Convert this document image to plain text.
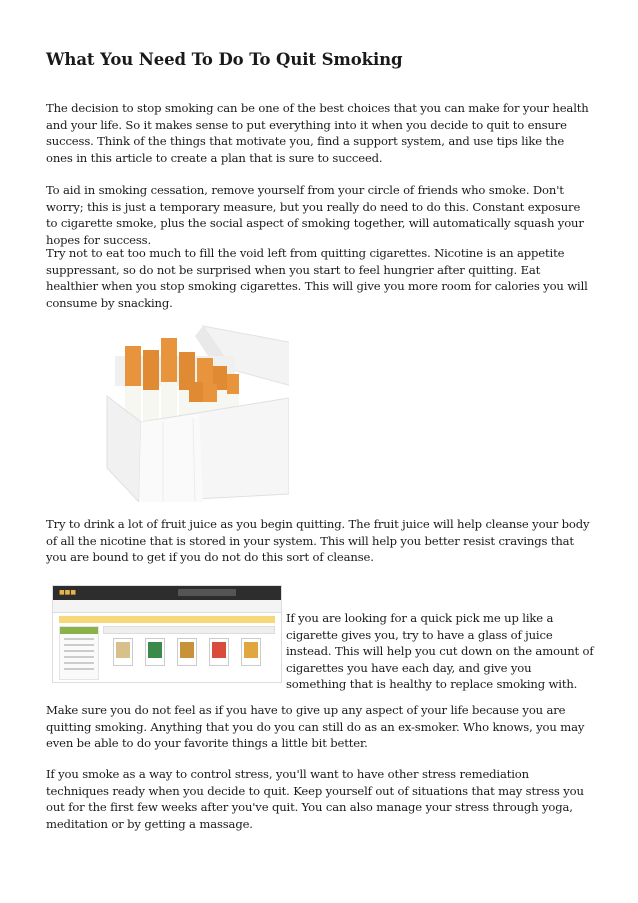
What You Need To Do To Quit Smoking

The decision to stop smoking can be one of the best choices that you can make for your health and your life. So it makes sense to put everything into it when you decide to quit to ensure success. Think of the things that motivate you, find a support system, and use tips like the ones in this article to create a plan that is sure to succeed.

To aid in smoking cessation, remove yourself from your circle of friends who smoke. Don't worry; this is just a temporary measure, but you really do need to do this. Constant exposure to cigarette smoke, plus the social aspect of smoking together, will automatically squash your hopes for success.

Try not to eat too much to fill the void left from quitting cigarettes. Nicotine is an appetite suppressant, so do not be surprised when you start to feel hungrier after quitting. Eat healthier when you stop smoking cigarettes. This will give you more room for calories you will consume by snacking.

Try to drink a lot of fruit juice as you begin quitting. The fruit juice will help cleanse your body of all the nicotine that is stored in your system. This will help you better resist cravings that you are bound to get if you do not do this sort of cleanse.

■■■

If you are looking for a quick pick me up like a cigarette gives you, try to have a glass of juice instead. This will help you cut down on the amount of cigarettes you have each day, and give you something that is healthy to replace smoking with.

Make sure you do not feel as if you have to give up any aspect of your life because you are quitting smoking. Anything that you do you can still do as an ex-smoker. Who knows, you may even be able to do your favorite things a little bit better.

If you smoke as a way to control stress, you'll want to have other stress remediation techniques ready when you decide to quit. Keep yourself out of situations that may stress you out for the first few weeks after you've quit. You can also manage your stress through yoga, meditation or by getting a massage.
